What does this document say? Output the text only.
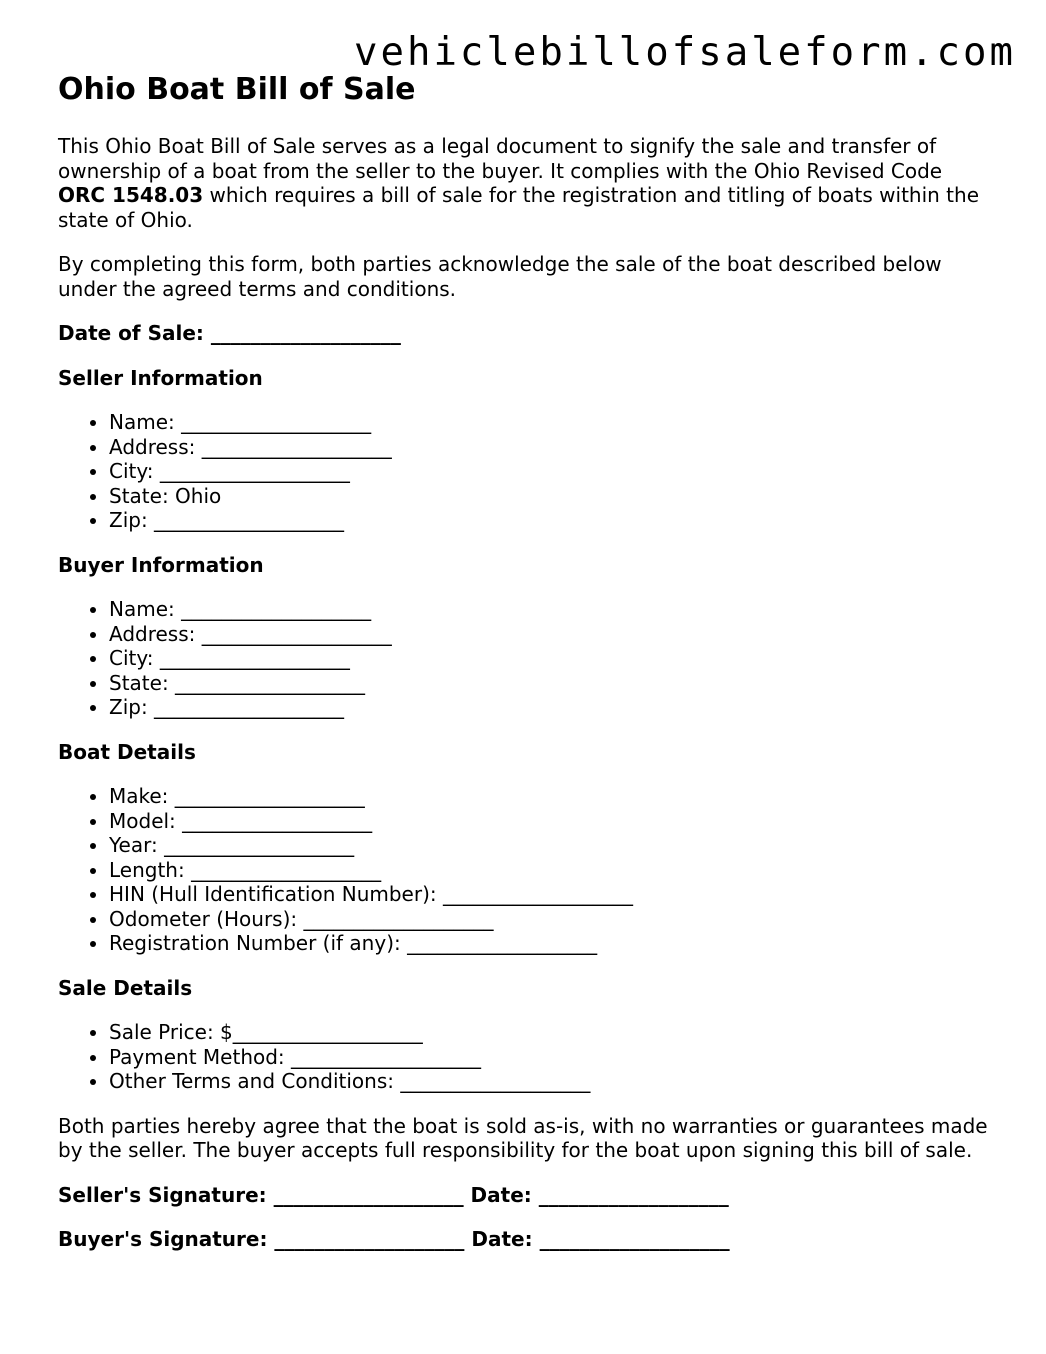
vehiclebillofsaleform.com
Ohio Boat Bill of Sale

This Ohio Boat Bill of Sale serves as a legal document to signify the sale and transfer of ownership of a boat from the seller to the buyer. It complies with the Ohio Revised Code ORC 1548.03 which requires a bill of sale for the registration and titling of boats within the state of Ohio.

By completing this form, both parties acknowledge the sale of the boat described below under the agreed terms and conditions.

Date of Sale: ___________________
Seller Information
• Name: ___________________
• Address: ___________________
• City: ___________________
• State: Ohio
• Zip: ___________________
Buyer Information
• Name: ___________________
• Address: ___________________
• City: ___________________
• State: ___________________
• Zip: ___________________
Boat Details
• Make: ___________________
• Model: ___________________
• Year: ___________________
• Length: ___________________
• HIN (Hull Identification Number): ___________________
• Odometer (Hours): ___________________
• Registration Number (if any): ___________________
Sale Details
• Sale Price: $___________________
• Payment Method: ___________________
• Other Terms and Conditions: ___________________

Both parties hereby agree that the boat is sold as-is, with no warranties or guarantees made by the seller. The buyer accepts full responsibility for the boat upon signing this bill of sale.

Seller's Signature: ___________________ Date: ___________________
Buyer's Signature: ___________________ Date: ___________________
